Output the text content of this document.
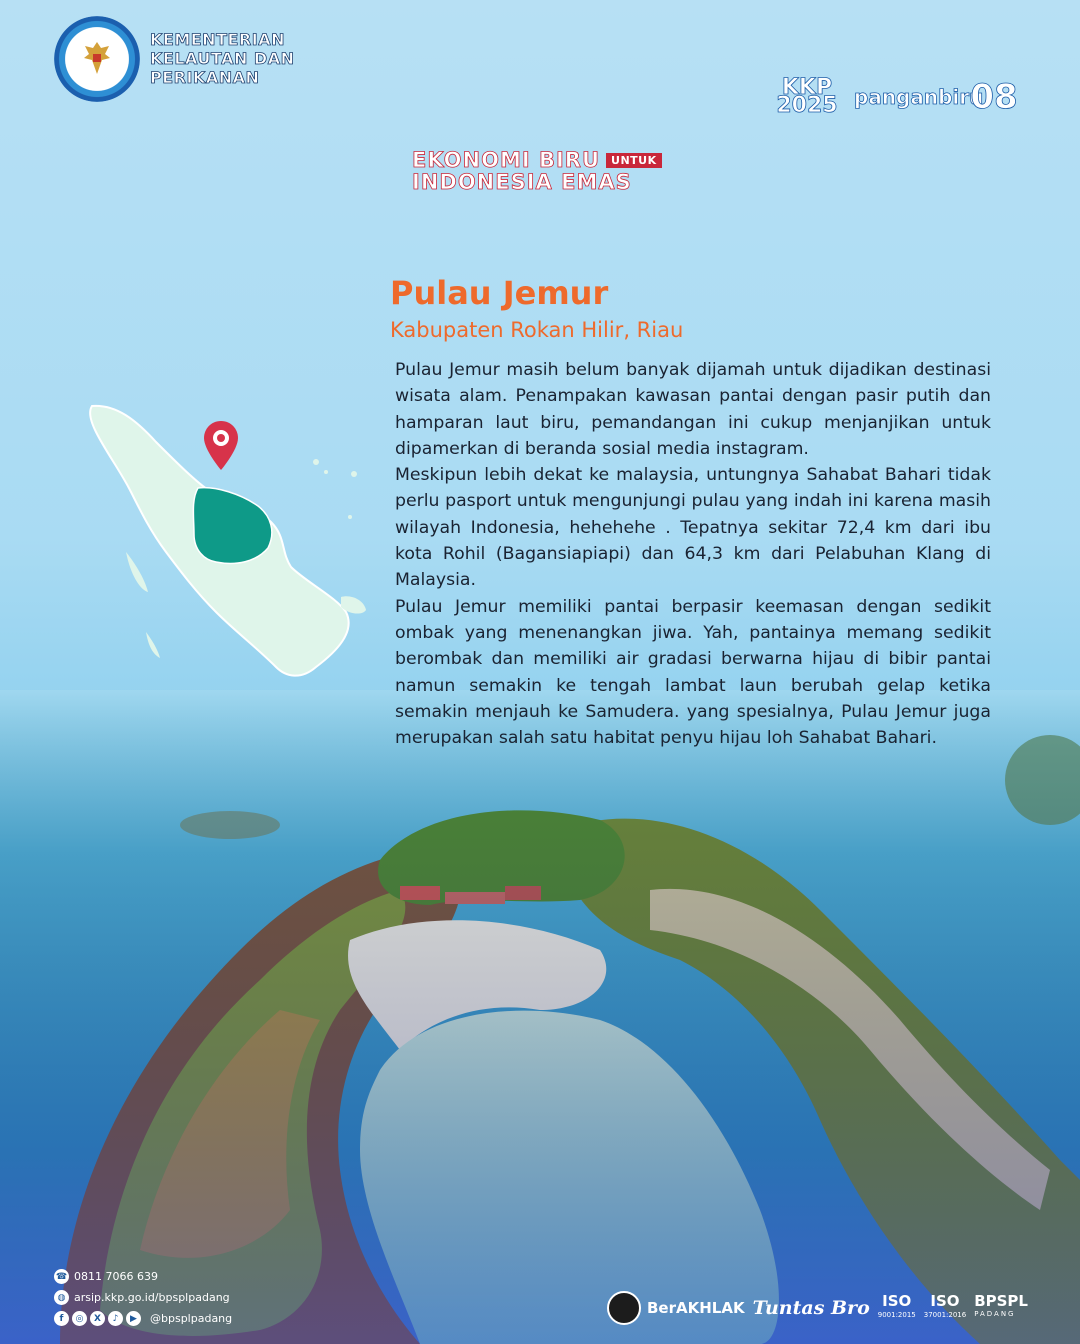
KEMENTERIAN KELAUTAN DAN PERIKANAN	KKP 2025 panganbiru
08
EKONOMI BIRU	UNTUK
INDONESIA EMAS
Pulau Jemur
Kabupaten Rokan Hilir, Riau

Pulau Jemur masih belum banyak dijamah untuk dijadikan destinasi wisata alam. Penampakan kawasan pantai dengan pasir putih dan hamparan laut biru, pemandangan ini cukup menjanjikan untuk dipamerkan di beranda sosial media instagram.

Meskipun lebih dekat ke malaysia, untungnya Sahabat Bahari tidak perlu pasport untuk mengunjungi pulau yang indah ini karena masih wilayah Indonesia, hehehehe . Tepatnya sekitar 72,4 km dari ibu kota Rohil (Bagansiapiapi) dan 64,3 km dari Pelabuhan Klang di Malaysia.

Pulau Jemur memiliki pantai berpasir keemasan dengan sedikit ombak yang menenangkan jiwa. Yah, pantainya memang sedikit berombak dan memiliki air gradasi berwarna hijau di bibir pantai namun semakin ke tengah lambat laun berubah gelap ketika semakin menjauh ke Samudera. yang spesialnya, Pulau Jemur juga merupakan salah satu habitat penyu hijau loh Sahabat Bahari.

☎ 0811 7066 639
◍ arsip.kkp.go.id/bpsplpadang
f	◎	X	♪	▶	@bpsplpadang
BerAKHLAK Tuntas Bro ISO
9001:2015
ISO
37001:2016
BPSPL
PADANG
